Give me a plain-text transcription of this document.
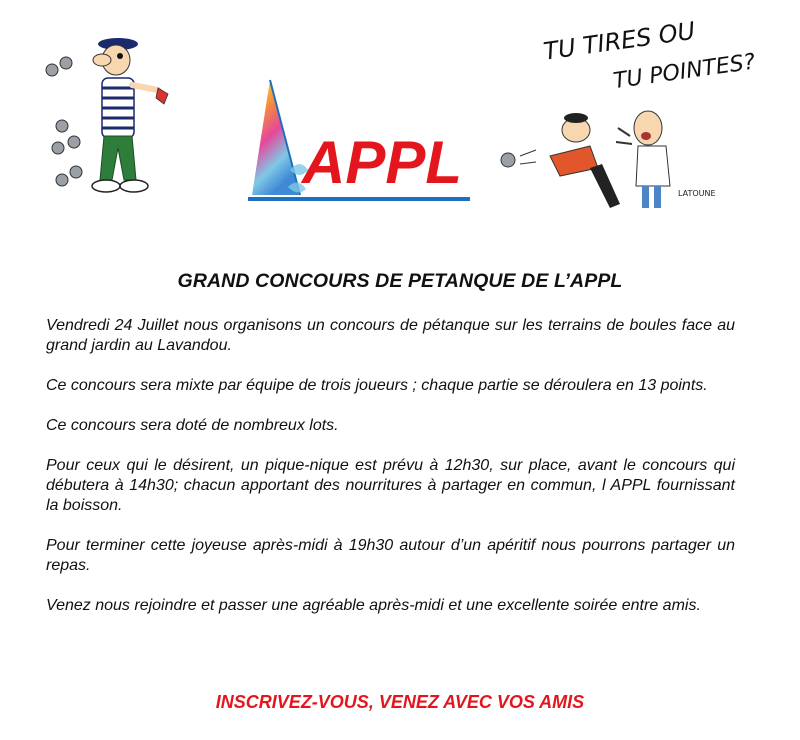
APPL
TU TIRES OU
TU POINTES?
LATOUNE
GRAND CONCOURS DE PETANQUE DE L’APPL

Vendredi 24 Juillet nous organisons un concours de pétanque sur les terrains de boules face au grand jardin au Lavandou.

Ce concours sera mixte par équipe de trois joueurs ; chaque partie se déroulera en 13 points.

Ce concours sera doté de nombreux lots.

Pour ceux qui le désirent, un pique-nique est prévu à 12h30, sur place, avant le concours qui débutera à 14h30; chacun apportant des nourritures à partager en commun, l APPL fournissant la boisson.

Pour terminer cette joyeuse après-midi à 19h30 autour d’un apéritif nous pourrons partager un repas.

Venez nous rejoindre et passer une agréable après-midi et une excellente soirée entre amis.

INSCRIVEZ-VOUS, VENEZ AVEC VOS AMIS
